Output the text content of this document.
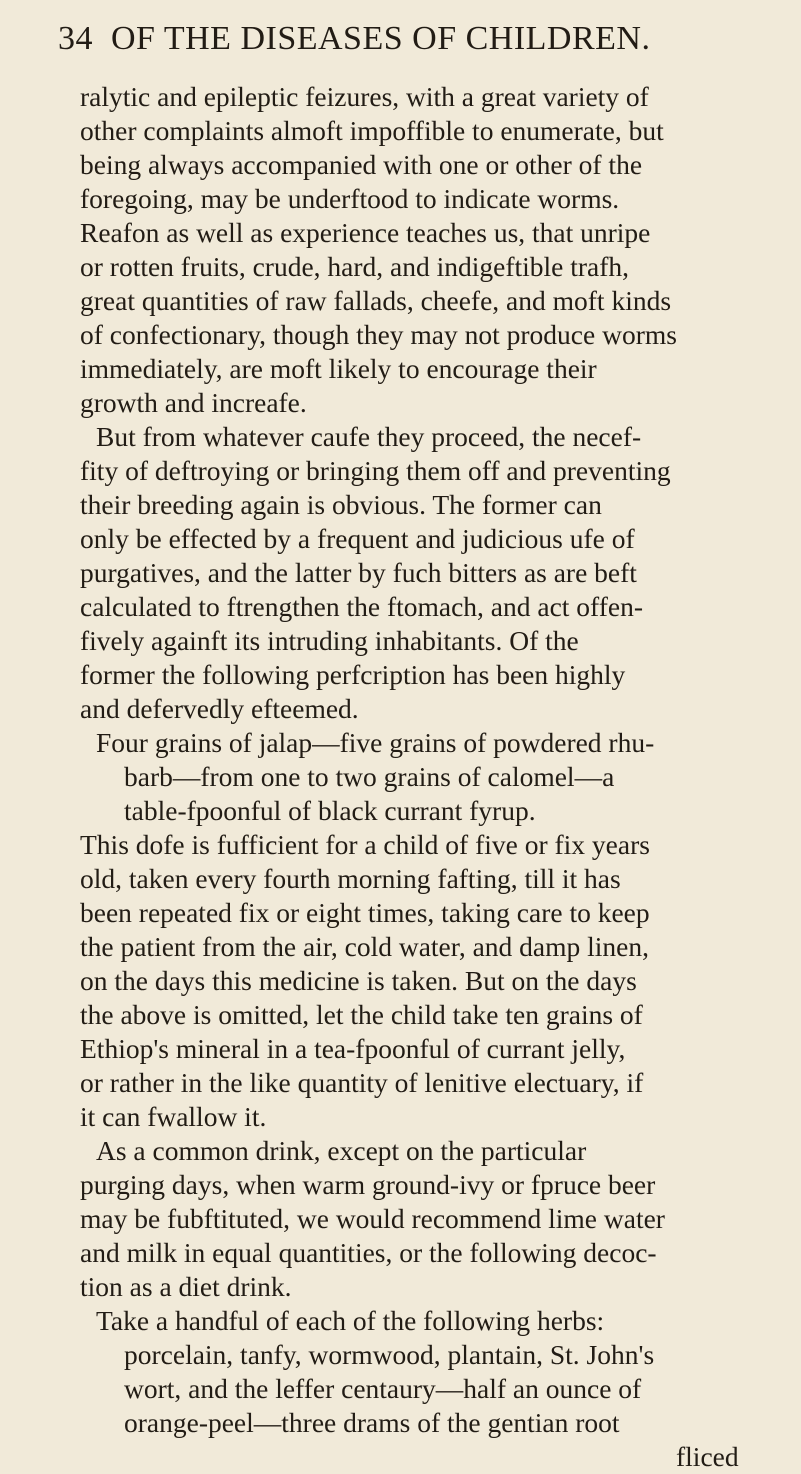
34 OF THE DISEASES OF CHILDREN.
ralytic and epileptic feizures, with a great variety of
other complaints almoft impoffible to enumerate, but
being always accompanied with one or other of the
foregoing, may be underftood to indicate worms.
Reafon as well as experience teaches us, that unripe
or rotten fruits, crude, hard, and indigeftible trafh,
great quantities of raw fallads, cheefe, and moft kinds
of confectionary, though they may not produce worms
immediately, are moft likely to encourage their
growth and increafe.
But from whatever caufe they proceed, the necef-
fity of deftroying or bringing them off and preventing
their breeding again is obvious. The former can
only be effected by a frequent and judicious ufe of
purgatives, and the latter by fuch bitters as are beft
calculated to ftrengthen the ftomach, and act offen-
fively againft its intruding inhabitants. Of the
former the following perfcription has been highly
and defervedly efteemed.
Four grains of jalap—five grains of powdered rhu-
barb—from one to two grains of calomel—a
table-fpoonful of black currant fyrup.
This dofe is fufficient for a child of five or fix years
old, taken every fourth morning fafting, till it has
been repeated fix or eight times, taking care to keep
the patient from the air, cold water, and damp linen,
on the days this medicine is taken. But on the days
the above is omitted, let the child take ten grains of
Ethiop's mineral in a tea-fpoonful of currant jelly,
or rather in the like quantity of lenitive electuary, if
it can fwallow it.
As a common drink, except on the particular
purging days, when warm ground-ivy or fpruce beer
may be fubftituted, we would recommend lime water
and milk in equal quantities, or the following decoc-
tion as a diet drink.
Take a handful of each of the following herbs:
porcelain, tanfy, wormwood, plantain, St. John's
wort, and the leffer centaury—half an ounce of
orange-peel—three drams of the gentian root
fliced
